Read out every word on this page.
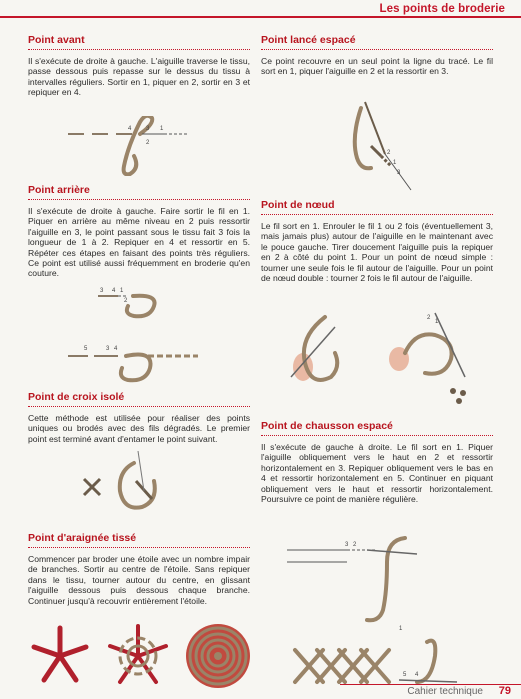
Les points de broderie
Point avant

Il s'exécute de droite à gauche. L'aiguille traverse le tissu, passe dessous puis repasse sur le dessus du tissu à intervalles réguliers. Sortir en 1, piquer en 2, sortir en 3 et repiquer en 4.

4 3
2
1
Point arrière

Il s'exécute de droite à gauche. Faire sortir le fil en 1. Piquer en arrière au même niveau en 2 puis ressortir l'aiguille en 3, le point passant sous le tissu fait 3 fois la longueur de 1 à 2. Repiquer en 4 et ressortir en 5. Répéter ces étapes en faisant des points très réguliers. Ce point est utilisé aussi fréquemment en broderie qu'en couture.

3 4 1
2
5	3 4
Point de croix isolé

Cette méthode est utilisée pour réaliser des points uniques ou brodés avec des fils dégradés. Le premier point est terminé avant d'entamer le point suivant.

Point d'araignée tissé

Commencer par broder une étoile avec un nombre impair de branches. Sortir au centre de l'étoile. Sans repiquer dans le tissu, tourner autour du centre, en glissant l'aiguille dessous puis dessous chaque branche. Continuer jusqu'à recouvrir entièrement l'étoile.

Point lancé espacé

Ce point recouvre en un seul point la ligne du tracé. Le fil sort en 1, piquer l'aiguille en 2 et la ressortir en 3.

2
1
3
Point de nœud

Le fil sort en 1. Enrouler le fil 1 ou 2 fois (éventuellement 3, mais jamais plus) autour de l'aiguille en le maintenant avec le pouce gauche. Tirer doucement l'aiguille puis la repiquer en 2 à côté du point 1. Pour un point de nœud simple : tourner une seule fois le fil autour de l'aiguille. Pour un point de nœud double : tourner 2 fois le fil autour de l'aiguille.

2
1
Point de chausson espacé

Il s'exécute de gauche à droite. Le fil sort en 1. Piquer l'aiguille obliquement vers le haut en 2 et ressortir horizontalement en 3. Repiquer obliquement vers le bas en 4 et ressortir horizontalement en 5. Continuer en piquant obliquement vers le haut et ressortir horizontalement. Poursuivre ce point de manière régulière.

3 2
1
5 4
Cahier technique 79
